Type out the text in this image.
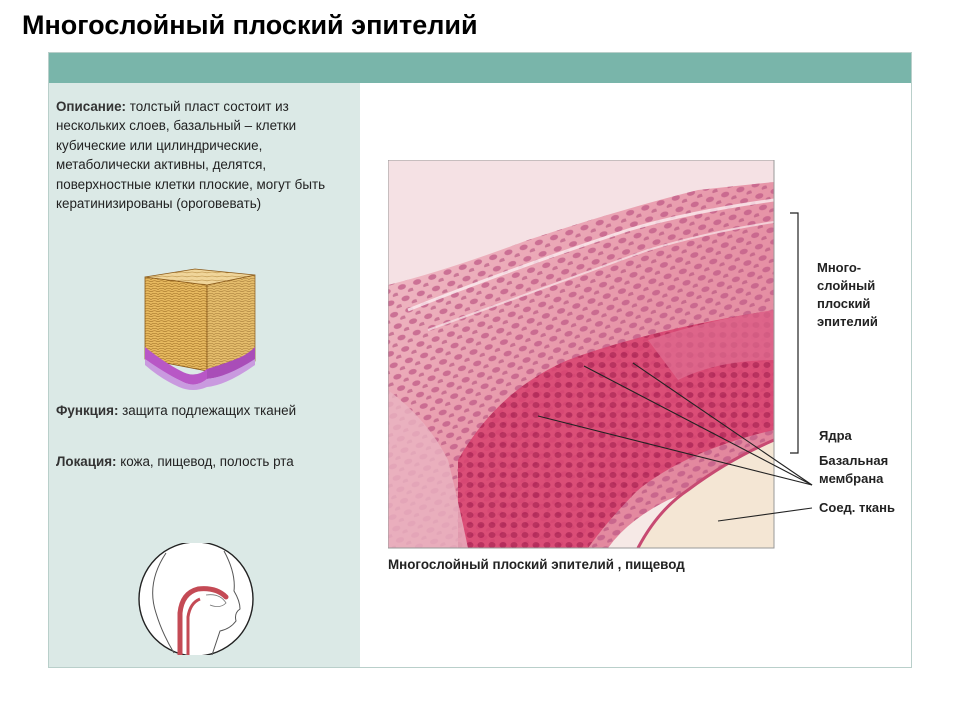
Многослойный плоский эпителий
Описание: толстый пласт состоит из нескольких слоев, базальный – клетки кубические или цилиндрические, метаболически активны, делятся, поверхностные клетки плоские, могут быть кератинизированы (ороговевать)
Функция: защита подлежащих тканей
Локация: кожа, пищевод, полость рта
Многослойный плоский эпителий , пищевод
Много-
слойный
плоский
эпителий
Ядра
Базальная
мембрана
Соед. ткань
